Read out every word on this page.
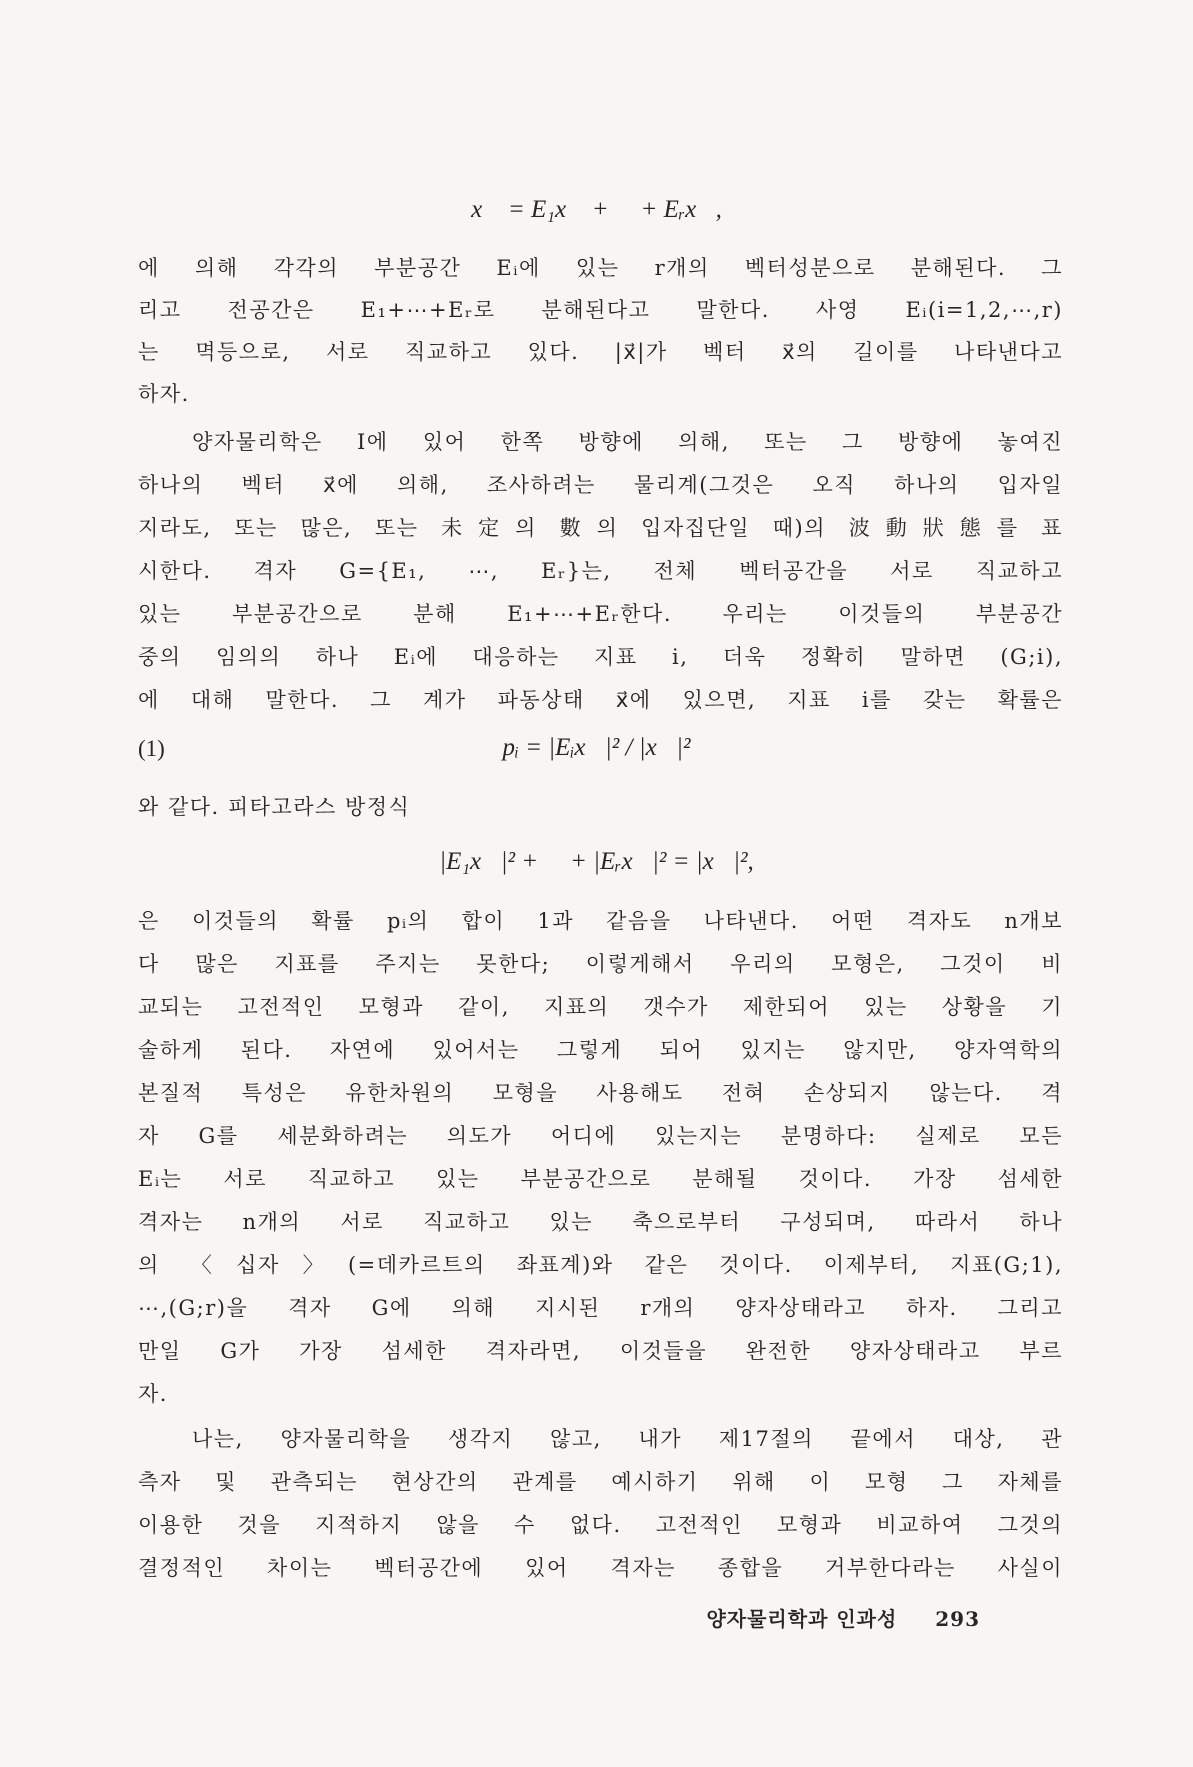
x⃗ = E₁x⃗ + ⋯ + Eᵣx⃗,
에 의해 각각의 부분공간 Eᵢ에 있는 r개의 벡터성분으로 분해된다. 그
리고 전공간은 E₁+⋯+Eᵣ로 분해된다고 말한다. 사영 Eᵢ(i=1,2,⋯,r)
는 멱등으로, 서로 직교하고 있다. |x⃗|가 벡터 x⃗의 길이를 나타낸다고
하자.
양자물리학은 I에 있어 한쪽 방향에 의해, 또는 그 방향에 놓여진
하나의 벡터 x⃗에 의해, 조사하려는 물리계(그것은 오직 하나의 입자일
지라도, 또는 많은, 또는 未定의 數의 입자집단일 때)의 波動狀態를 표
시한다. 격자 G={E₁, ⋯, Eᵣ}는, 전체 벡터공간을 서로 직교하고
있는 부분공간으로 분해 E₁+⋯+Eᵣ한다. 우리는 이것들의 부분공간
중의 임의의 하나 Eᵢ에 대응하는 지표 i, 더욱 정확히 말하면 (G;i),
에 대해 말한다. 그 계가 파동상태 x⃗에 있으면, 지표 i를 갖는 확률은
(1)	pᵢ = |Eᵢx⃗|² / |x⃗|²
와 같다. 피타고라스 방정식
|E₁x⃗|² + ⋯ + |Eᵣx⃗|² = |x⃗|²,
은 이것들의 확률 pᵢ의 합이 1과 같음을 나타낸다. 어떤 격자도 n개보
다 많은 지표를 주지는 못한다; 이렇게해서 우리의 모형은, 그것이 비
교되는 고전적인 모형과 같이, 지표의 갯수가 제한되어 있는 상황을 기
술하게 된다. 자연에 있어서는 그렇게 되어 있지는 않지만, 양자역학의
본질적 특성은 유한차원의 모형을 사용해도 전혀 손상되지 않는다. 격
자 G를 세분화하려는 의도가 어디에 있는지는 분명하다: 실제로 모든
Eᵢ는 서로 직교하고 있는 부분공간으로 분해될 것이다. 가장 섬세한
격자는 n개의 서로 직교하고 있는 축으로부터 구성되며, 따라서 하나
의 〈십자〉(=데카르트의 좌표계)와 같은 것이다. 이제부터, 지표(G;1),
⋯,(G;r)을 격자 G에 의해 지시된 r개의 양자상태라고 하자. 그리고
만일 G가 가장 섬세한 격자라면, 이것들을 완전한 양자상태라고 부르
자.
나는, 양자물리학을 생각지 않고, 내가 제17절의 끝에서 대상, 관
측자 및 관측되는 현상간의 관계를 예시하기 위해 이 모형 그 자체를
이용한 것을 지적하지 않을 수 없다. 고전적인 모형과 비교하여 그것의
결정적인 차이는 벡터공간에 있어 격자는 종합을 거부한다라는 사실이
양자물리학과 인과성 293
